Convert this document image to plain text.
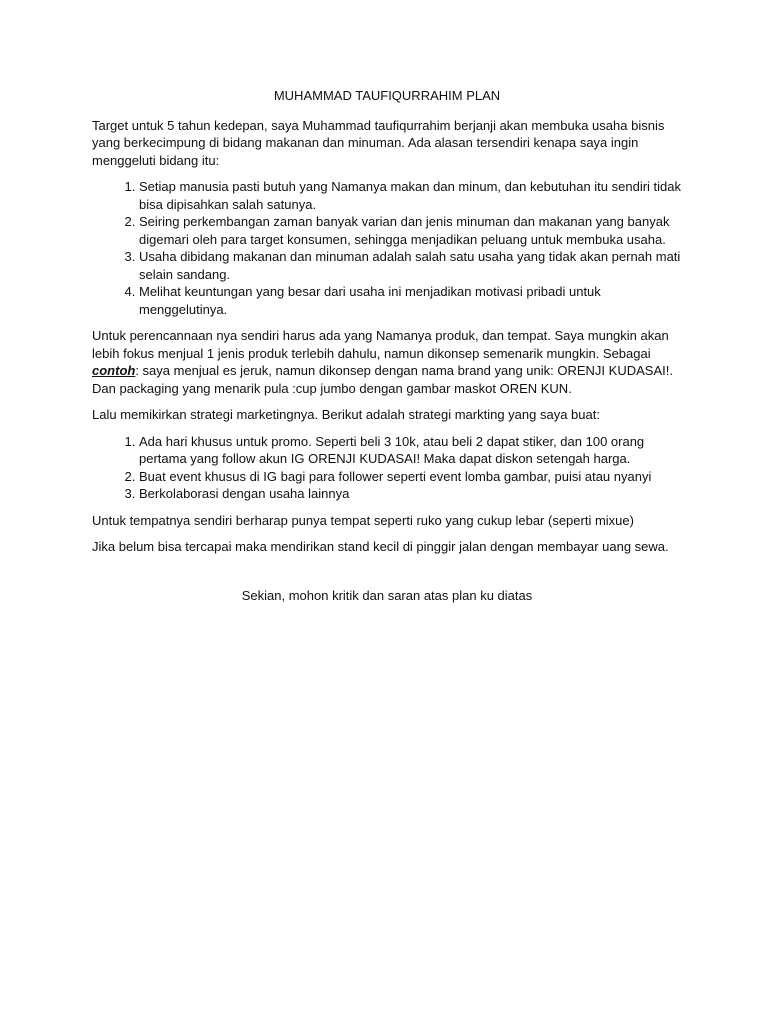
MUHAMMAD TAUFIQURRAHIM PLAN

Target untuk 5 tahun kedepan, saya Muhammad taufiqurrahim berjanji akan membuka usaha bisnis yang berkecimpung di bidang makanan dan minuman. Ada alasan tersendiri kenapa saya ingin menggeluti bidang itu:

1. Setiap manusia pasti butuh yang Namanya makan dan minum, dan kebutuhan itu sendiri tidak bisa dipisahkan salah satunya.
2. Seiring perkembangan zaman banyak varian dan jenis minuman dan makanan yang banyak digemari oleh para target konsumen, sehingga menjadikan peluang untuk membuka usaha.
3. Usaha dibidang makanan dan minuman adalah salah satu usaha yang tidak akan pernah mati selain sandang.
4. Melihat keuntungan yang besar dari usaha ini menjadikan motivasi pribadi untuk menggelutinya.

Untuk perencannaan nya sendiri harus ada yang Namanya produk, dan tempat. Saya mungkin akan lebih fokus menjual 1 jenis produk terlebih dahulu, namun dikonsep semenarik mungkin. Sebagai contoh: saya menjual es jeruk, namun dikonsep dengan nama brand yang unik: ORENJI KUDASAI!. Dan packaging yang menarik pula :cup jumbo dengan gambar maskot OREN KUN.

Lalu memikirkan strategi marketingnya. Berikut adalah strategi markting yang saya buat:

1. Ada hari khusus untuk promo. Seperti beli 3 10k, atau beli 2 dapat stiker, dan 100 orang pertama yang follow akun IG ORENJI KUDASAI! Maka dapat diskon setengah harga.
2. Buat event khusus di IG bagi para follower seperti event lomba gambar, puisi atau nyanyi
3. Berkolaborasi dengan usaha lainnya

Untuk tempatnya sendiri berharap punya tempat seperti ruko yang cukup lebar (seperti mixue)

Jika belum bisa tercapai maka mendirikan stand kecil di pinggir jalan dengan membayar uang sewa.

Sekian, mohon kritik dan saran atas plan ku diatas
